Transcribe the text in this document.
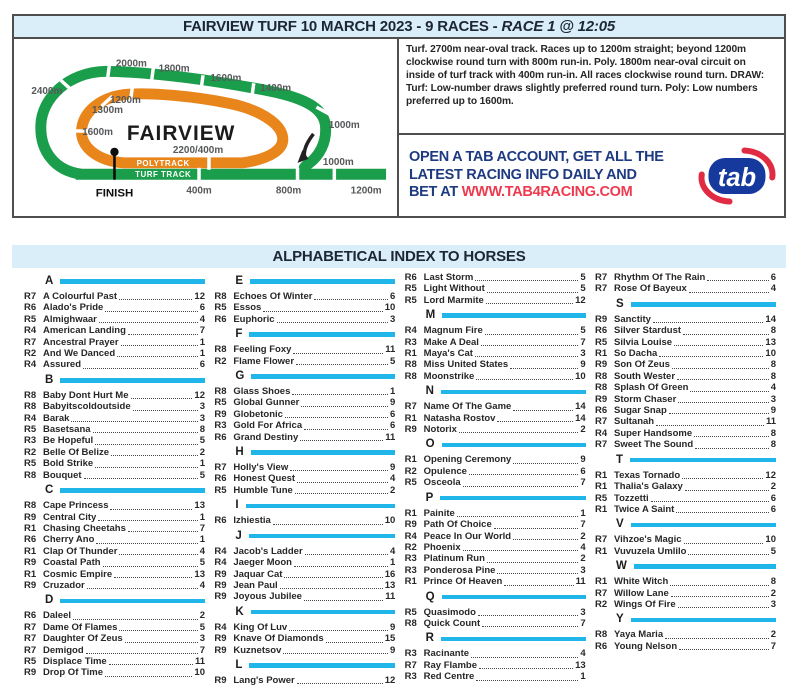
FAIRVIEW TURF 10 MARCH 2023 - 9 RACES - RACE 1 @ 12:05
2400m
2000m 1800m
1600m
1400m
1000m
1000m
1200m
1300m
1600m
2200/400m
400m	800m	1200m
FAIRVIEW
POLYTRACK
TURF TRACK
FINISH
Turf. 2700m near-oval track. Races up to 1200m straight; beyond 1200m clockwise round turn with 800m run-in. Poly. 1800m near-oval circuit on inside of turf track with 400m run-in. All races clockwise round turn. DRAW: Turf: Low-number draws slightly preferred round turn. Poly: Low numbers preferred up to 1600m.
OPEN A TAB ACCOUNT, GET ALL THE
LATEST RACING INFO DAILY AND
BET AT WWW.TAB4RACING.COM
tab
ALPHABETICAL INDEX TO HORSES
A
R7 A Colourful Past	12
R6 Alado's Pride	6
R5 Almighwaar	4
R4 American Landing	7
R7 Ancestral Prayer	1
R2 And We Danced	1
R4 Assured	6
B
R8 Baby Dont Hurt Me	12
R8 Babyitscoldoutside	3
R4 Barak	3
R5 Basetsana	8
R3 Be Hopeful	5
R2 Belle Of Belize	2
R5 Bold Strike	1
R8 Bouquet	5
C
R8 Cape Princess	13
R9 Central City	1
R1 Chasing Cheetahs	7
R6 Cherry Ano	1
R1 Clap Of Thunder	4
R9 Coastal Path	5
R1 Cosmic Empire	13
R9 Cruzador	4
D
R6 Daleel	2
R7 Dame Of Flames	5
R7 Daughter Of Zeus	3
R7 Demigod	7
R5 Displace Time	11
R9 Drop Of Time	10
E
R8 Echoes Of Winter	6
R5 Essos	10
R6 Euphoric	3
F
R8 Feeling Foxy	11
R2 Flame Flower	5
G
R8 Glass Shoes	1
R5 Global Gunner	9
R9 Globetonic	6
R3 Gold For Africa	6
R6 Grand Destiny	11
H
R7 Holly's View	9
R6 Honest Quest	4
R5 Humble Tune	2
I
R6 Izhiestia	10
J
R4 Jacob's Ladder	4
R4 Jaeger Moon	1
R9 Jaquar Cat	16
R9 Jean Paul	13
R9 Joyous Jubilee	11
K
R4 King Of Luv	9
R9 Knave Of Diamonds	15
R9 Kuznetsov	9
L
R9 Lang's Power	12
R6 Last Storm	5
R5 Light Without	5
R5 Lord Marmite	12
M
R4 Magnum Fire	5
R3 Make A Deal	7
R1 Maya's Cat	3
R8 Miss United States	9
R8 Moonstrike	10
N
R7 Name Of The Game	14
R1 Natasha Rostov	14
R9 Notorix	2
O
R1 Opening Ceremony	9
R2 Opulence	6
R5 Osceola	7
P
R1 Painite	1
R9 Path Of Choice	7
R4 Peace In Our World	2
R2 Phoenix	4
R3 Platinum Run	2
R3 Ponderosa Pine	3
R1 Prince Of Heaven	11
Q
R5 Quasimodo	3
R8 Quick Count	7
R
R3 Racinante	4
R7 Ray Flambe	13
R3 Red Centre	1
R7 Rhythm Of The Rain	6
R7 Rose Of Bayeux	4
S
R9 Sanctity	14
R6 Silver Stardust	8
R5 Silvia Louise	13
R1 So Dacha	10
R9 Son Of Zeus	8
R8 South Wester	8
R8 Splash Of Green	4
R9 Storm Chaser	3
R6 Sugar Snap	9
R7 Sultanah	11
R4 Super Handsome	8
R7 Sweet The Sound	8
T
R1 Texas Tornado	12
R1 Thalia's Galaxy	2
R5 Tozzetti	6
R1 Twice A Saint	6
V
R7 Vihzoe's Magic	10
R1 Vuvuzela Umlilo	5
W
R1 White Witch	8
R7 Willow Lane	2
R2 Wings Of Fire	3
Y
R8 Yaya Maria	2
R6 Young Nelson	7
